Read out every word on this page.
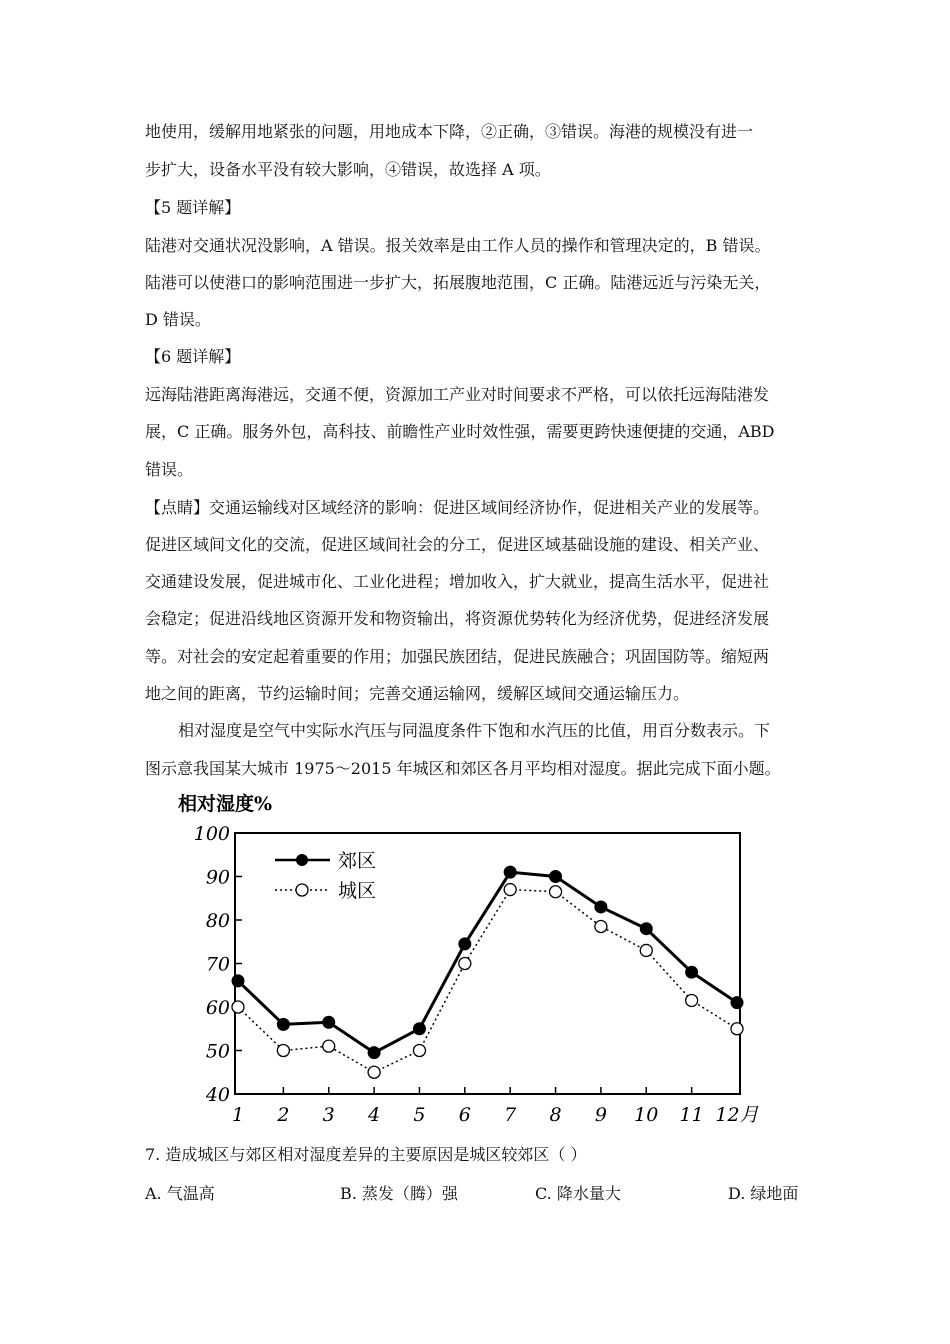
地使用，缓解用地紧张的问题，用地成本下降，②正确，③错误。海港的规模没有进一
步扩大，设备水平没有较大影响，④错误，故选择 A 项。
【5 题详解】
陆港对交通状况没影响，A 错误。报关效率是由工作人员的操作和管理决定的，B 错误。
陆港可以使港口的影响范围进一步扩大，拓展腹地范围，C 正确。陆港远近与污染无关，
D 错误。
【6 题详解】
远海陆港距离海港远，交通不便，资源加工产业对时间要求不严格，可以依托远海陆港发
展，C 正确。服务外包，高科技、前瞻性产业时效性强，需要更跨快速便捷的交通，ABD
错误。
【点睛】交通运输线对区域经济的影响：促进区域间经济协作，促进相关产业的发展等。
促进区域间文化的交流，促进区域间社会的分工，促进区域基础设施的建设、相关产业、
交通建设发展，促进城市化、工业化进程；增加收入，扩大就业，提高生活水平，促进社
会稳定；促进沿线地区资源开发和物资输出，将资源优势转化为经济优势，促进经济发展
等。对社会的安定起着重要的作用；加强民族团结，促进民族融合；巩固国防等。缩短两
地之间的距离，节约运输时间；完善交通运输网，缓解区域间交通运输压力。
相对湿度是空气中实际水汽压与同温度条件下饱和水汽压的比值，用百分数表示。下
图示意我国某大城市 1975～2015 年城区和郊区各月平均相对湿度。据此完成下面小题。
相对湿度%
40
50
60
70
80
90
100
1 2 3 4 5 6 7 8 9 10 11 12月
郊区
城区
7. 造成城区与郊区相对湿度差异的主要原因是城区较郊区（ ）
A. 气温高	B. 蒸发（腾）强	C. 降水量大	D. 绿地面
